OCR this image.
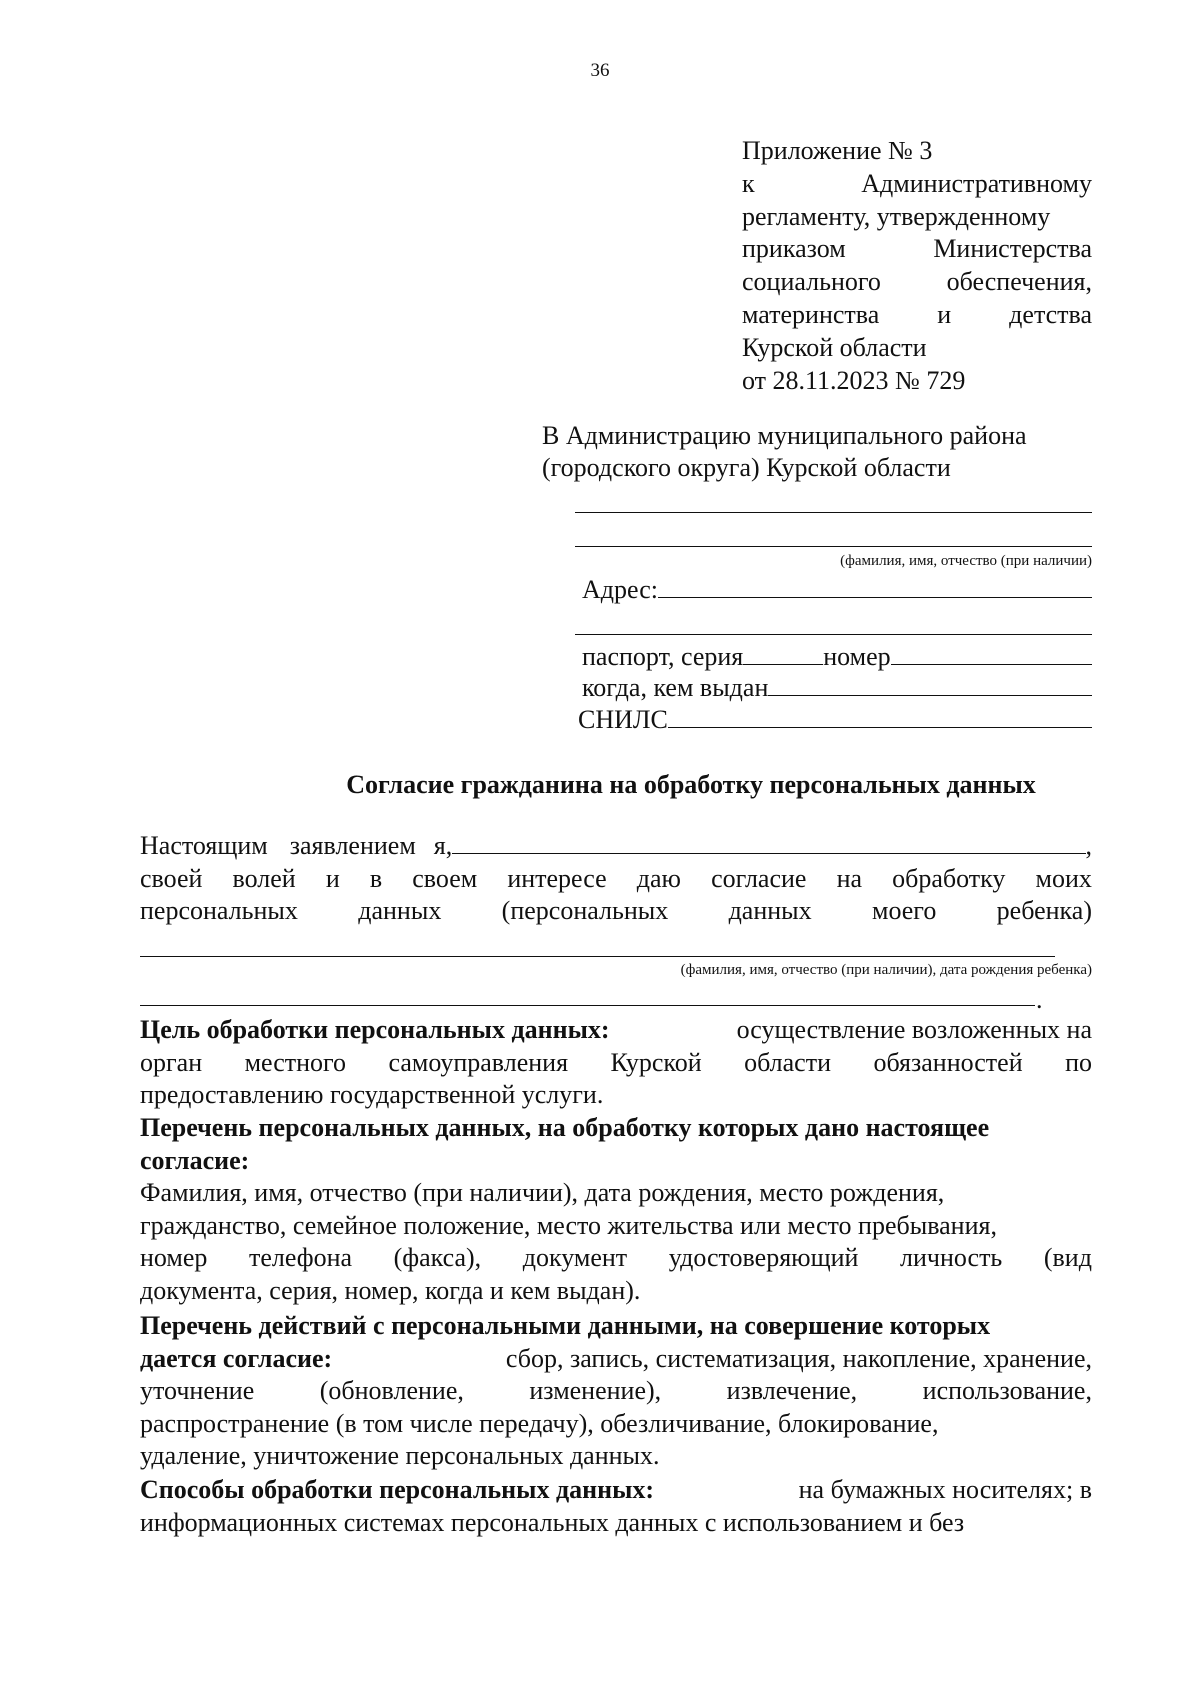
36
Приложение № 3
к	Административному
регламенту, утвержденному
приказом	Министерства
социального	обеспечения,
материнства и детства
Курской области
от 28.11.2023 № 729
В Администрацию муниципального района
(городского округа) Курской области
(фамилия, имя, отчество (при наличии)
Адрес:
паспорт, серия	номер
когда, кем выдан
СНИЛС
Согласие гражданина на обработку персональных данных
Настоящим заявлением я,	,
своей волей и в своем интересе даю согласие на обработку моих
персональных данных (персональных данных моего ребенка)
(фамилия, имя, отчество (при наличии), дата рождения ребенка)
.
Цель обработки персональных данных:	осуществление возложенных на
орган местного самоуправления Курской области обязанностей по
предоставлению государственной услуги.
Перечень персональных данных, на обработку которых дано настоящее
согласие:
Фамилия, имя, отчество (при наличии), дата рождения, место рождения,
гражданство, семейное положение, место жительства или место пребывания,
номер телефона (факса), документ удостоверяющий личность (вид
документа, серия, номер, когда и кем выдан).
Перечень действий с персональными данными, на совершение которых
дается согласие:	сбор, запись, систематизация, накопление, хранение,
уточнение	(обновление,	изменение),	извлечение,	использование,
распространение (в том числе передачу), обезличивание, блокирование,
удаление, уничтожение персональных данных.
Способы обработки персональных данных:	на бумажных носителях; в
информационных системах персональных данных с использованием и без
